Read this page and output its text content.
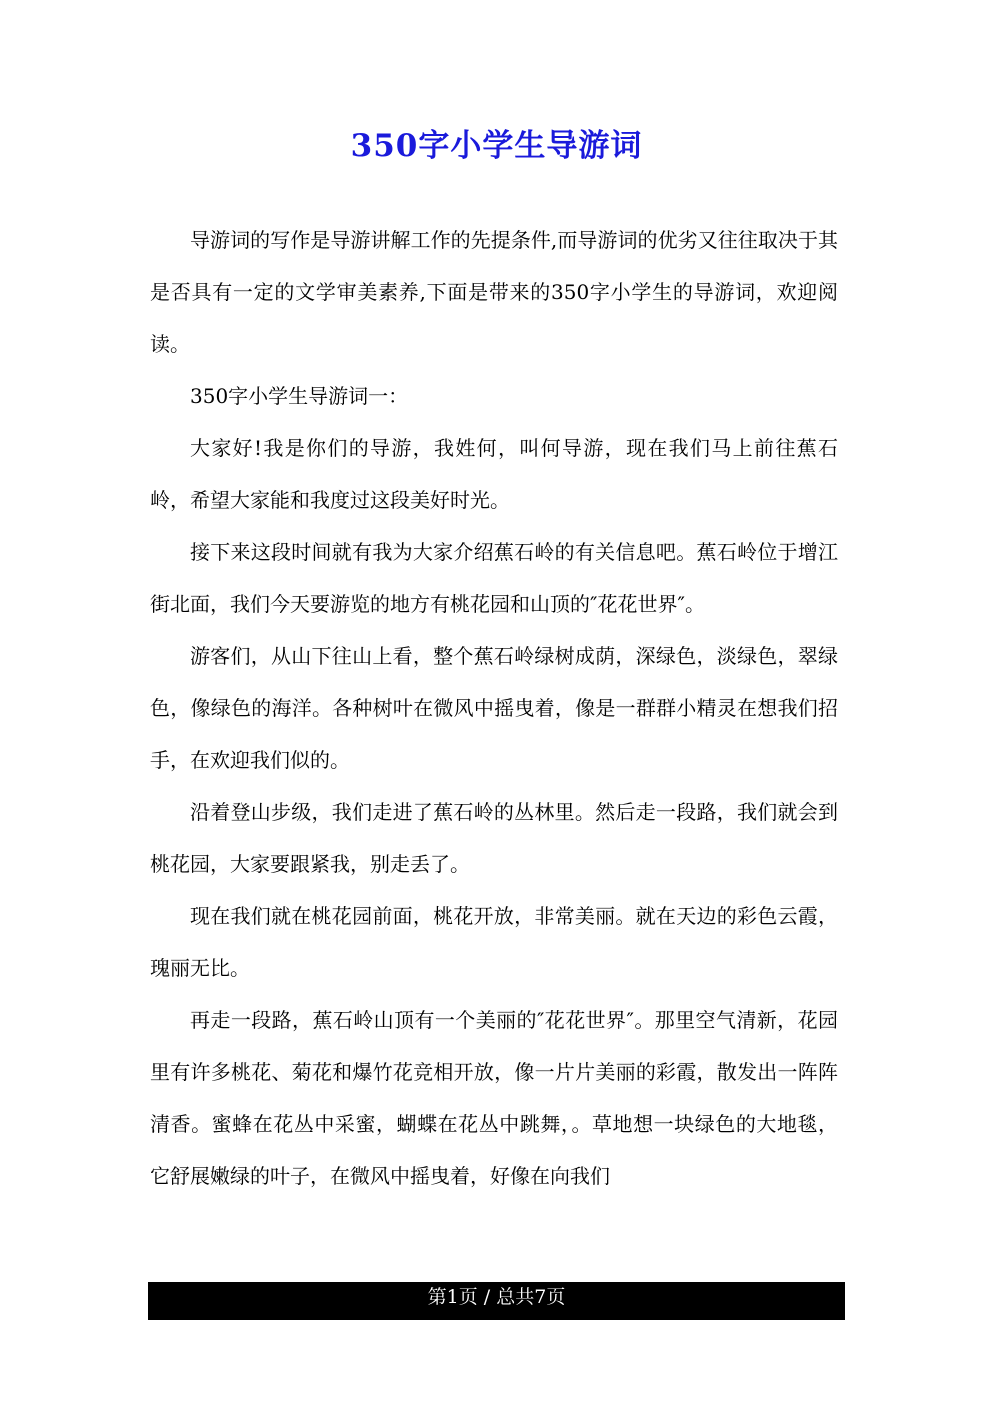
350字小学生导游词

导游词的写作是导游讲解工作的先提条件,而导游词的优劣又往往取决于其是否具有一定的文学审美素养,下面是带来的350字小学生的导游词，欢迎阅读。

350字小学生导游词一：

大家好!我是你们的导游，我姓何，叫何导游，现在我们马上前往蕉石岭，希望大家能和我度过这段美好时光。

接下来这段时间就有我为大家介绍蕉石岭的有关信息吧。蕉石岭位于增江街北面，我们今天要游览的地方有桃花园和山顶的″花花世界″。

游客们，从山下往山上看，整个蕉石岭绿树成荫，深绿色，淡绿色，翠绿色，像绿色的海洋。各种树叶在微风中摇曳着，像是一群群小精灵在想我们招手，在欢迎我们似的。

沿着登山步级，我们走进了蕉石岭的丛林里。然后走一段路，我们就会到桃花园，大家要跟紧我，别走丢了。

现在我们就在桃花园前面，桃花开放，非常美丽。就在天边的彩色云霞，瑰丽无比。

再走一段路，蕉石岭山顶有一个美丽的″花花世界″。那里空气清新，花园里有许多桃花、菊花和爆竹花竞相开放，像一片片美丽的彩霞，散发出一阵阵清香。蜜蜂在花丛中采蜜，蝴蝶在花丛中跳舞，。草地想一块绿色的大地毯，它舒展嫩绿的叶子，在微风中摇曳着，好像在向我们

第1页 / 总共7页
